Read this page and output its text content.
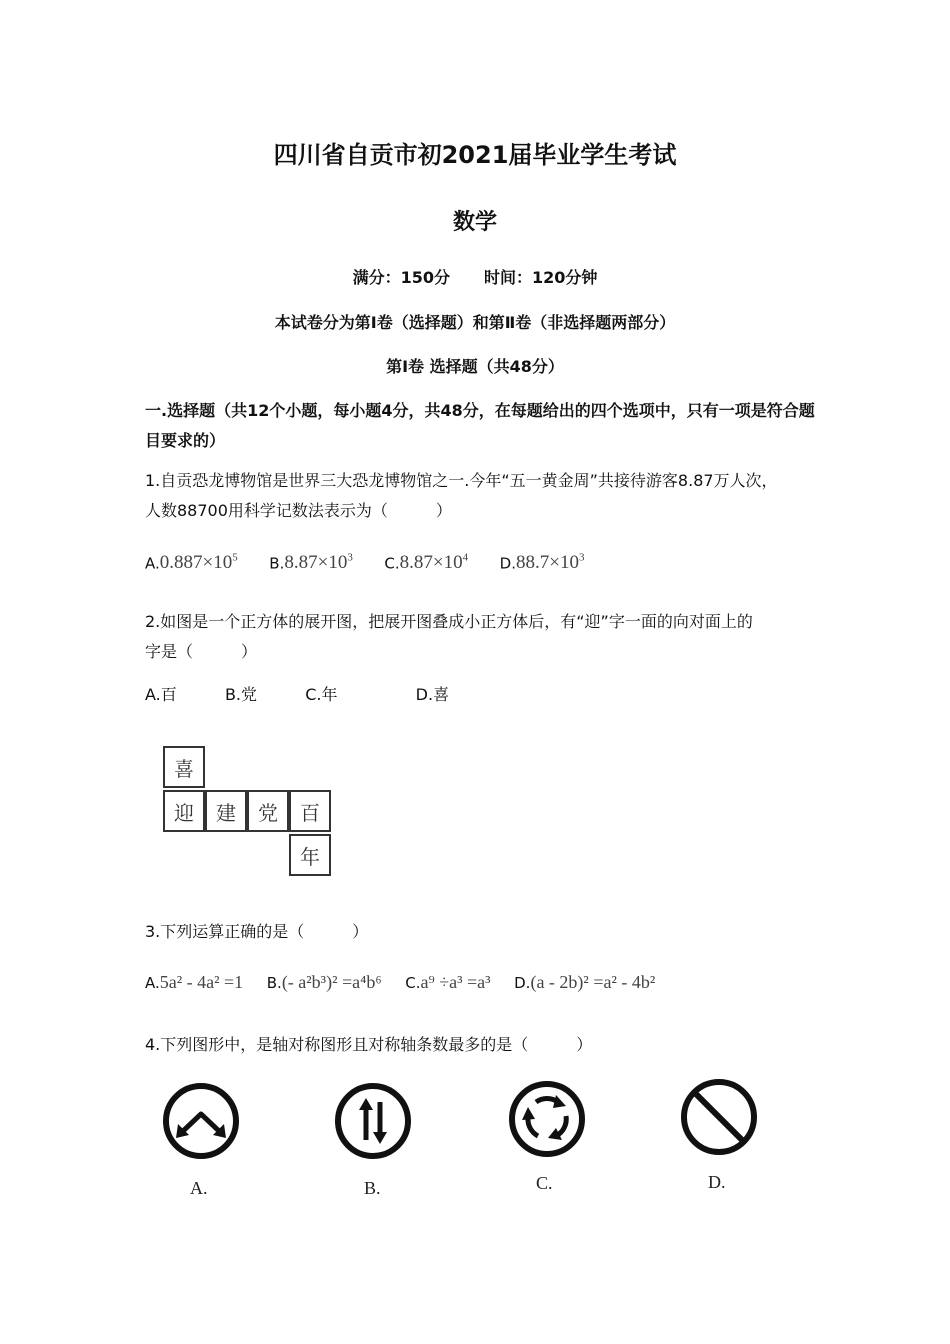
四川省自贡市初2021届毕业学生考试
数学
满分：150分 时间：120分钟
本试卷分为第Ⅰ卷（选择题）和第Ⅱ卷（非选择题两部分）
第Ⅰ卷 选择题（共48分）
一.选择题（共12个小题，每小题4分，共48分，在每题给出的四个选项中，只有一项是符合题目要求的）
1.自贡恐龙博物馆是世界三大恐龙博物馆之一.今年“五一黄金周”共接待游客8.87万人次，
人数88700用科学记数法表示为（　　　）
$A.0.887\times 10^5$ $B.8.87\times 10^3$ $C.8.87\times 10^4$ $D.88.7\times 10^3$
2.如图是一个正方体的展开图，把展开图叠成小正方体后，有“迎”字一面的向对面上的
字是（　　　）
A.百	B.党	C.年	D.喜
喜
迎	建	党	百
年
3.下列运算正确的是（　　　）
A.5a² - 4a² =1 B.(- a²b³)² =a⁴b⁶ C.a⁹ ÷a³ =a³ D.(a - 2b)² =a² - 4b²
4.下列图形中，是轴对称图形且对称轴条数最多的是（　　　）
A.	B.	C.	D.
